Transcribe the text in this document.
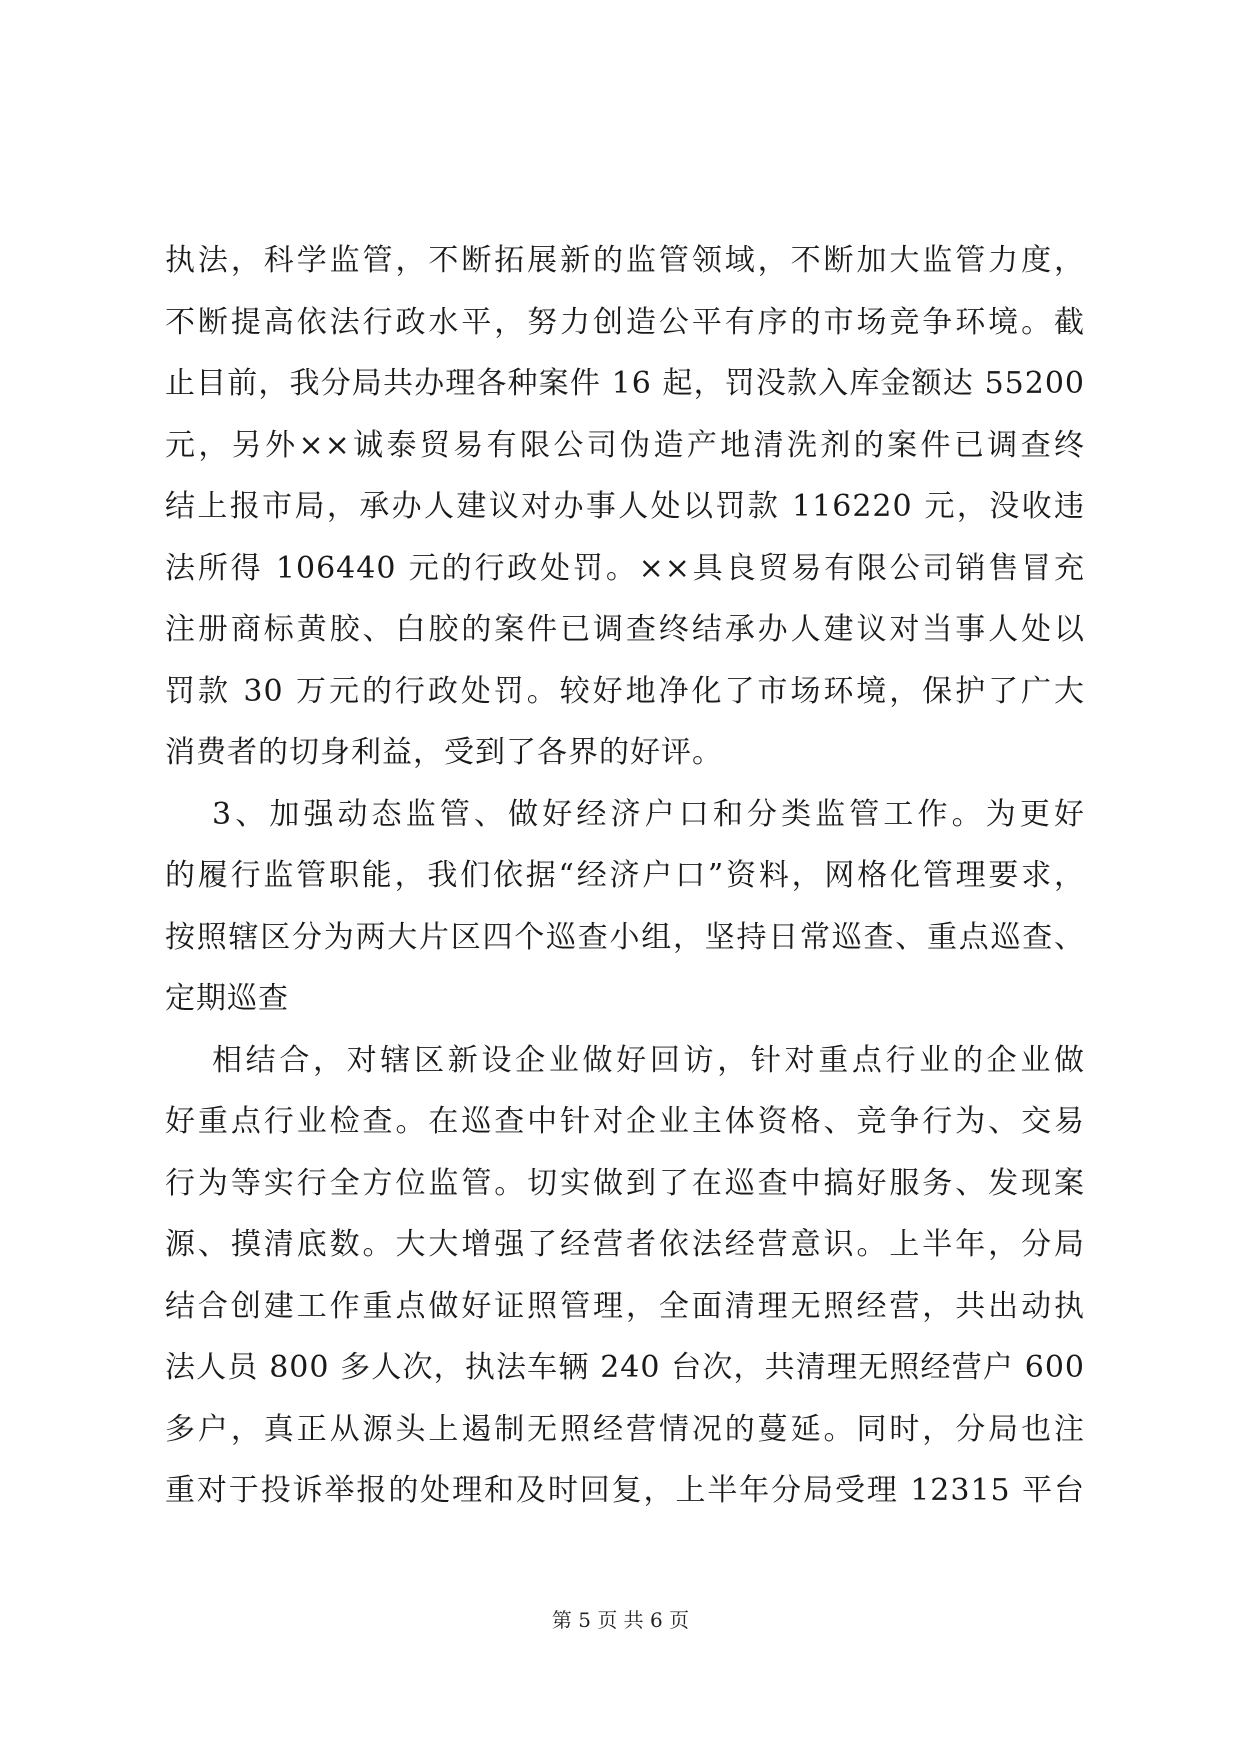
执法，科学监管，不断拓展新的监管领域，不断加大监管力度，
不断提高依法行政水平，努力创造公平有序的市场竞争环境。截
止目前，我分局共办理各种案件 16 起，罚没款入库金额达 55200
元，另外××诚泰贸易有限公司伪造产地清洗剂的案件已调查终
结上报市局，承办人建议对办事人处以罚款 116220 元，没收违
法所得 106440 元的行政处罚。××具良贸易有限公司销售冒充
注册商标黄胶、白胶的案件已调查终结承办人建议对当事人处以
罚款 30 万元的行政处罚。较好地净化了市场环境，保护了广大
消费者的切身利益，受到了各界的好评。
3、加强动态监管、做好经济户口和分类监管工作。为更好
的履行监管职能，我们依据“经济户口”资料，网格化管理要求，
按照辖区分为两大片区四个巡查小组，坚持日常巡查、重点巡查、
定期巡查
相结合，对辖区新设企业做好回访，针对重点行业的企业做
好重点行业检查。在巡查中针对企业主体资格、竞争行为、交易
行为等实行全方位监管。切实做到了在巡查中搞好服务、发现案
源、摸清底数。大大增强了经营者依法经营意识。上半年，分局
结合创建工作重点做好证照管理，全面清理无照经营，共出动执
法人员 800 多人次，执法车辆 240 台次，共清理无照经营户 600
多户，真正从源头上遏制无照经营情况的蔓延。同时，分局也注
重对于投诉举报的处理和及时回复，上半年分局受理 12315 平台
第 5 页 共 6 页
